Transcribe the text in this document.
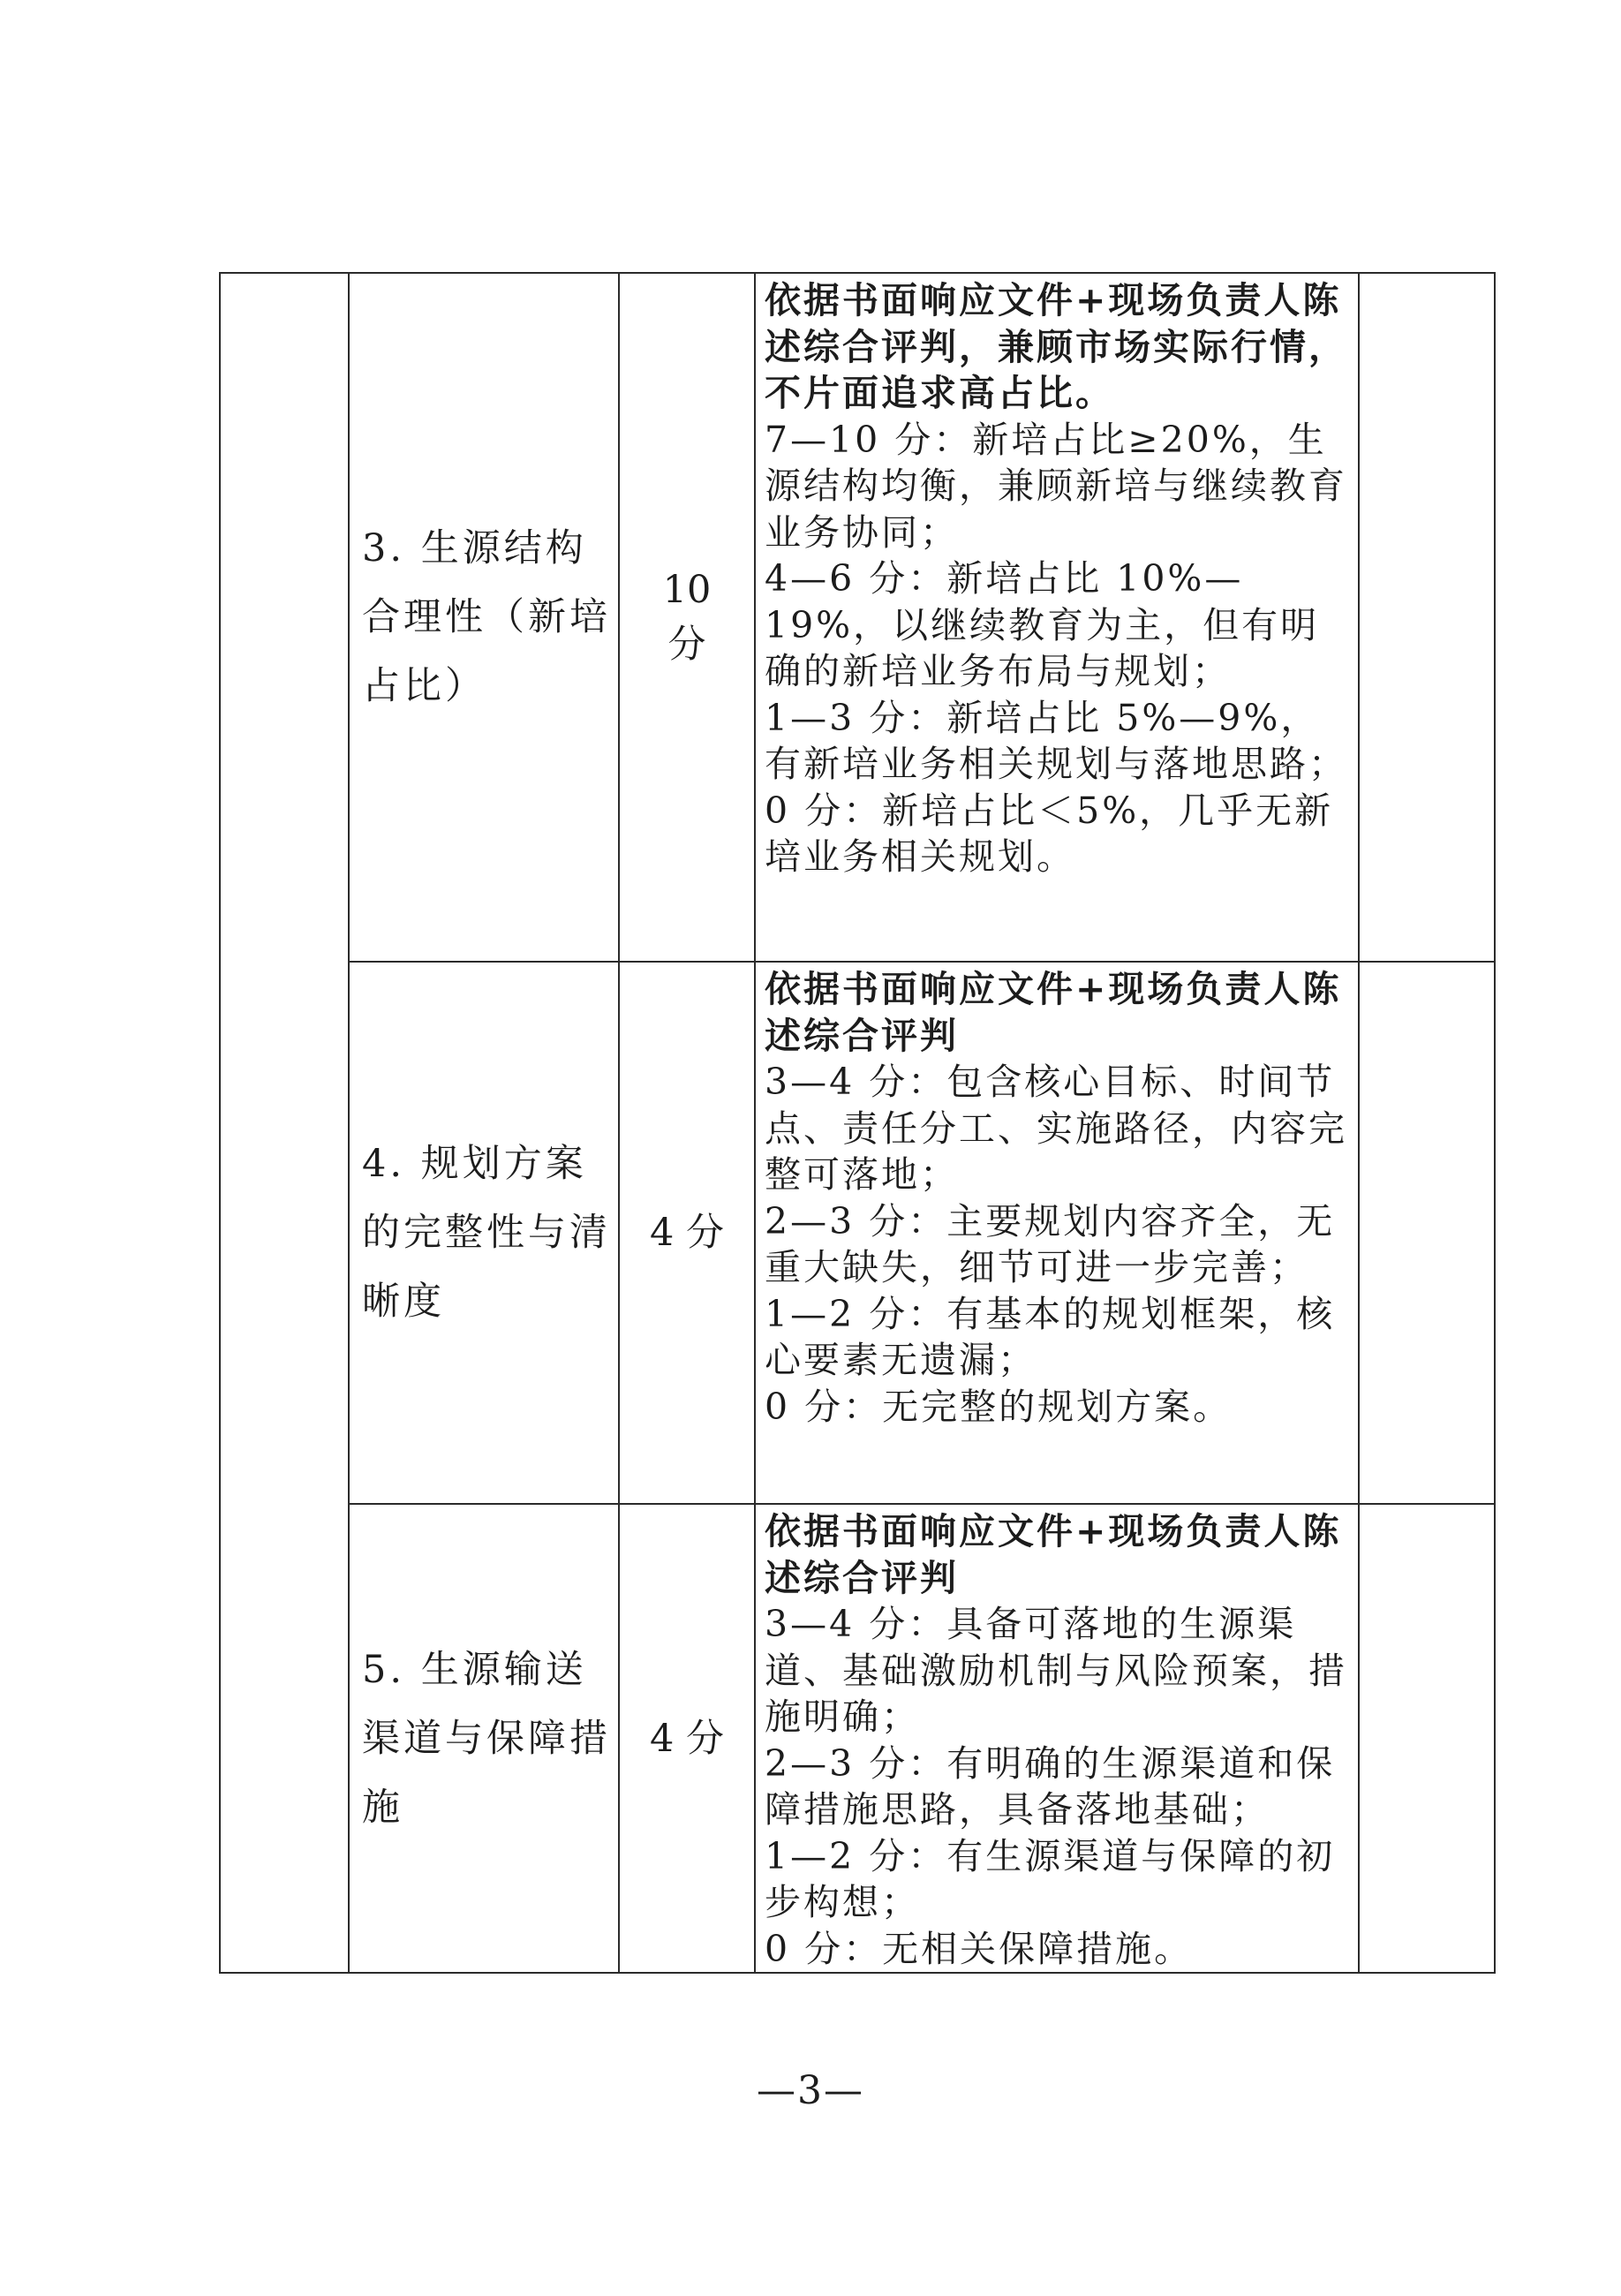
	3. 生源结构合理性（新培占比）	10 分	依据书面响应文件+现场负责人陈述综合评判，兼顾市场实际行情，不片面追求高占比。
7—10 分：新培占比≥20%，生源结构均衡，兼顾新培与继续教育业务协同；
4—6 分：新培占比 10%—19%，以继续教育为主，但有明确的新培业务布局与规划；
1—3 分：新培占比 5%—9%，有新培业务相关规划与落地思路；
0 分：新培占比＜5%，几乎无新培业务相关规划。	

	4. 规划方案的完整性与清晰度	4 分	依据书面响应文件+现场负责人陈述综合评判
3—4 分：包含核心目标、时间节点、责任分工、实施路径，内容完整可落地；
2—3 分：主要规划内容齐全，无重大缺失，细节可进一步完善；
1—2 分：有基本的规划框架，核心要素无遗漏；
0 分：无完整的规划方案。	

	5. 生源输送渠道与保障措施	4 分	依据书面响应文件+现场负责人陈述综合评判
3—4 分：具备可落地的生源渠道、基础激励机制与风险预案，措施明确；
2—3 分：有明确的生源渠道和保障措施思路，具备落地基础；
1—2 分：有生源渠道与保障的初步构想；
0 分：无相关保障措施。	

—3—
